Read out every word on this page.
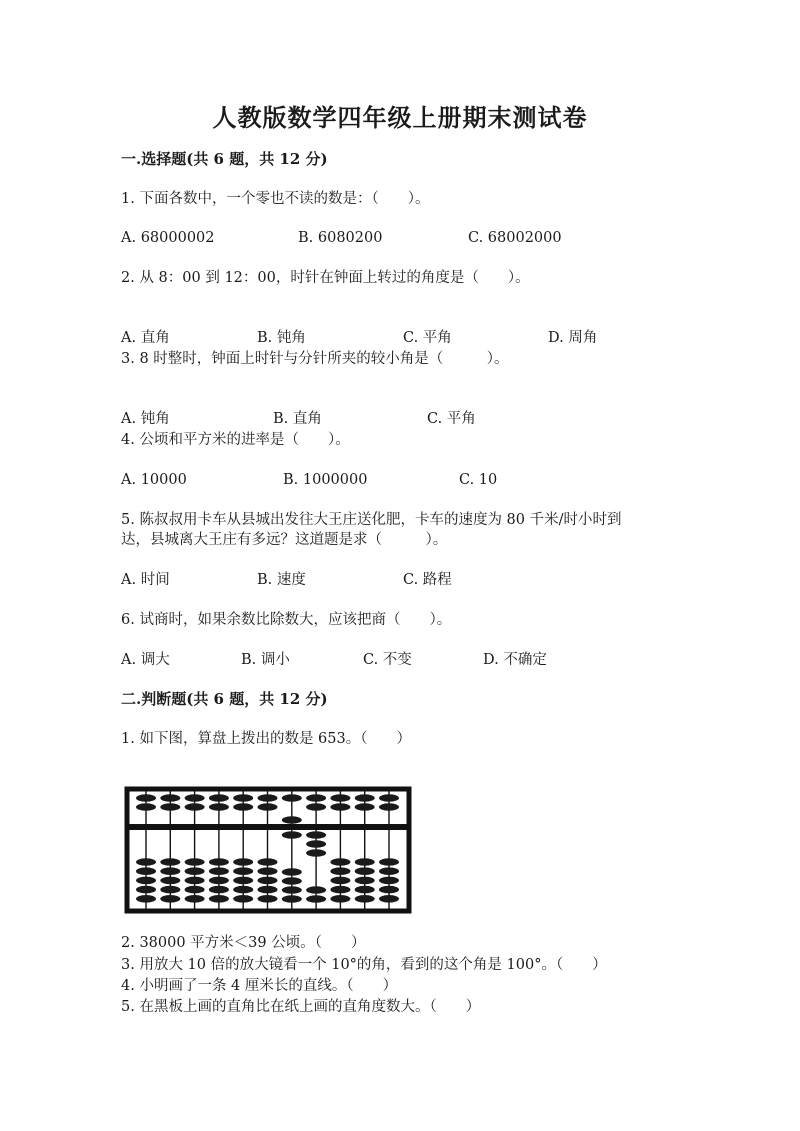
人教版数学四年级上册期末测试卷
一.选择题(共 6 题，共 12 分)
1. 下面各数中，一个零也不读的数是：（　　）。
A. 68000002	B. 6080200	C. 68002000
2. 从 8：00 到 12：00，时针在钟面上转过的角度是（　　）。
A. 直角	B. 钝角	C. 平角	D. 周角
3. 8 时整时，钟面上时针与分针所夹的较小角是（　　　）。
A. 钝角	B. 直角	C. 平角
4. 公顷和平方米的进率是（　　）。
A. 10000	B. 1000000	C. 10
5. 陈叔叔用卡车从县城出发往大王庄送化肥，卡车的速度为 80 千米/时小时到
达，县城离大王庄有多远？这道题是求（　　　）。
A. 时间	B. 速度	C. 路程
6. 试商时，如果余数比除数大，应该把商（　　）。
A. 调大	B. 调小	C. 不变	D. 不确定
二.判断题(共 6 题，共 12 分)
1. 如下图，算盘上拨出的数是 653。（　　）
2. 38000 平方米＜39 公顷。（　　）
3. 用放大 10 倍的放大镜看一个 10°的角，看到的这个角是 100°。（　　）
4. 小明画了一条 4 厘米长的直线。（　　）
5. 在黑板上画的直角比在纸上画的直角度数大。（　　）
